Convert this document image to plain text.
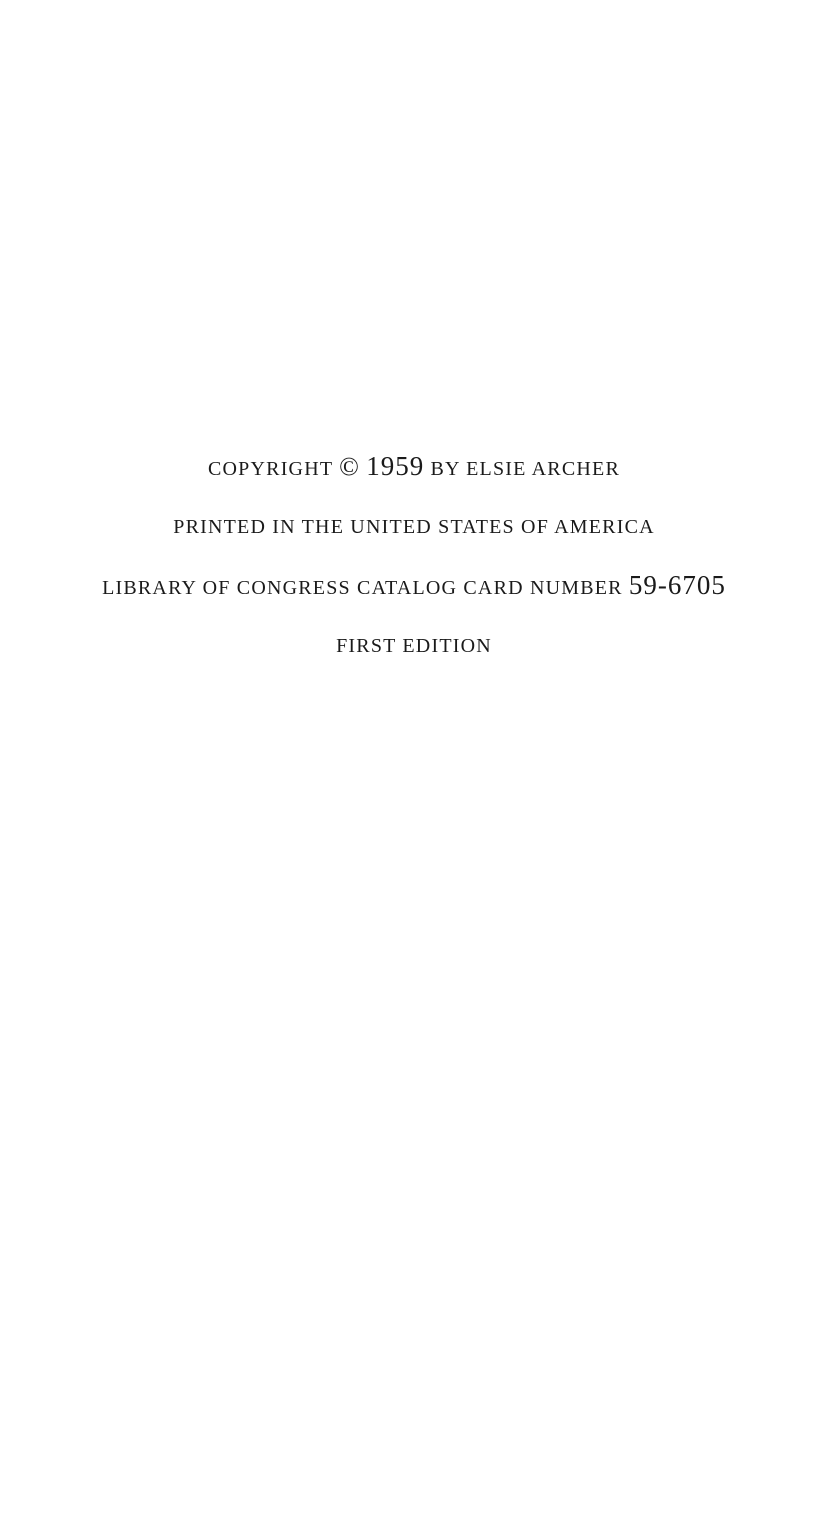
COPYRIGHT © 1959 BY ELSIE ARCHER
PRINTED IN THE UNITED STATES OF AMERICA
LIBRARY OF CONGRESS CATALOG CARD NUMBER 59-6705
FIRST EDITION
